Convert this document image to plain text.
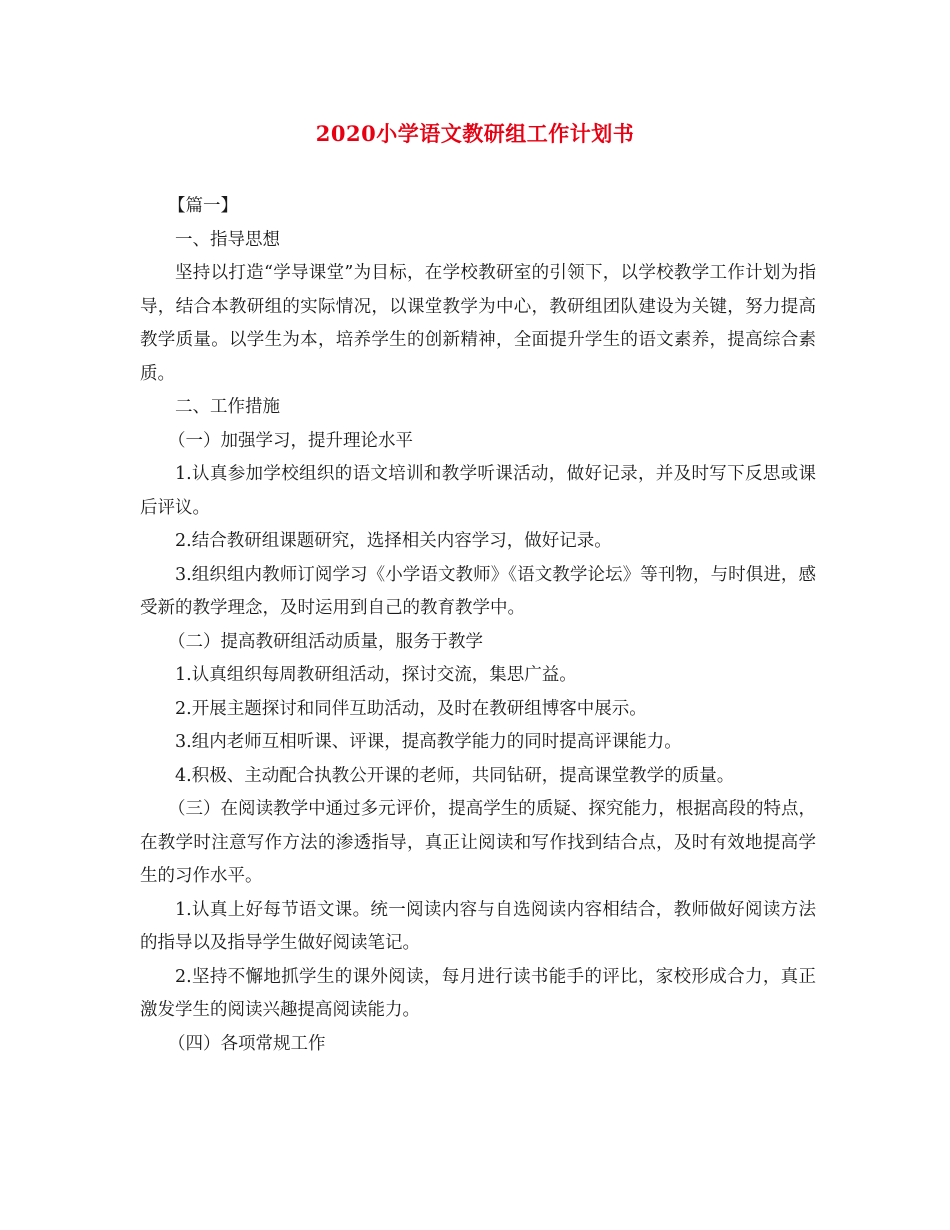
2020小学语文教研组工作计划书

【篇一】

一、指导思想

坚持以打造“学导课堂”为目标，在学校教研室的引领下，以学校教学工作计划为指导，结合本教研组的实际情况，以课堂教学为中心，教研组团队建设为关键，努力提高教学质量。以学生为本，培养学生的创新精神，全面提升学生的语文素养，提高综合素质。

二、工作措施

（一）加强学习，提升理论水平

1.认真参加学校组织的语文培训和教学听课活动，做好记录，并及时写下反思或课后评议。

2.结合教研组课题研究，选择相关内容学习，做好记录。

3.组织组内教师订阅学习《小学语文教师》《语文教学论坛》等刊物，与时俱进，感受新的教学理念，及时运用到自己的教育教学中。

（二）提高教研组活动质量，服务于教学

1.认真组织每周教研组活动，探讨交流，集思广益。

2.开展主题探讨和同伴互助活动，及时在教研组博客中展示。

3.组内老师互相听课、评课，提高教学能力的同时提高评课能力。

4.积极、主动配合执教公开课的老师，共同钻研，提高课堂教学的质量。

（三）在阅读教学中通过多元评价，提高学生的质疑、探究能力，根据高段的特点，在教学时注意写作方法的渗透指导，真正让阅读和写作找到结合点，及时有效地提高学生的习作水平。

1.认真上好每节语文课。统一阅读内容与自选阅读内容相结合，教师做好阅读方法的指导以及指导学生做好阅读笔记。

2.坚持不懈地抓学生的课外阅读，每月进行读书能手的评比，家校形成合力，真正激发学生的阅读兴趣提高阅读能力。

（四）各项常规工作
